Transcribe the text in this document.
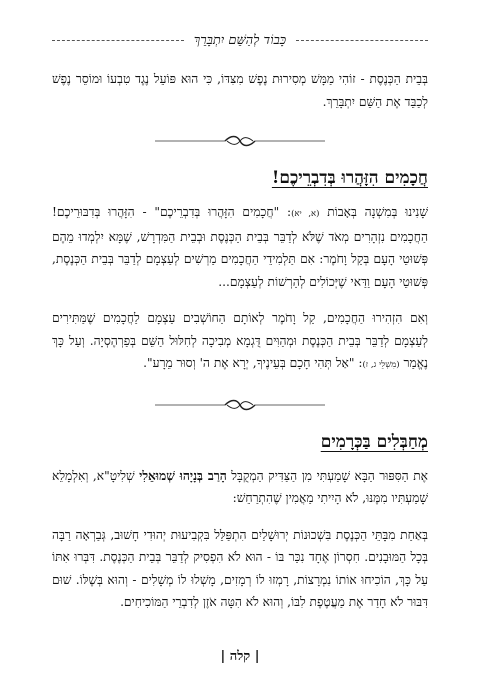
כָּבוֹד לְהַשֵּׁם יִתְבָּרֵךְ

בְּבֵית הַכְּנֶסֶת - זוֹהִי מַמָּשׁ מְסִירוּת נֶפֶשׁ מִצִּדּוֹ, כִּי הוּא פּוֹעֵל נֶגֶד טִבְעוֹ וּמוֹסֵר נֶפֶשׁ לְכַבֵּד אֶת הַשֵּׁם יִתְבָּרֵךְ.

חֲכָמִים הִזָּהֲרוּ בְּדִבְרֵיכֶם!

שָׁנִינוּ בְּמִשְׁנָה בְּאָבוֹת (א, יא): "חֲכָמִים הִזָּהֲרוּ בְּדִבְרֵיכֶם" - הִזָּהֲרוּ בְּדִבּוּרֵיכֶם! הַחֲכָמִים נִזְהָרִים מְאֹד שֶׁלֹּא לְדַבֵּר בְּבֵית הַכְּנֶסֶת וּבְבֵית הַמִּדְרָשׁ, שֶׁמָּא יִלְמְדוּ מֵהֶם פְּשׁוּטֵי הָעָם בְּקַל וָחֹמֶר: אִם תַּלְמִידֵי הַחֲכָמִים מַרְשִׁים לְעַצְמָם לְדַבֵּר בְּבֵית הַכְּנֶסֶת, פְּשׁוּטֵי הָעָם וַדַּאי שֶׁיְּכוֹלִים לְהַרְשׁוֹת לְעַצְמָם...

וְאִם הִזְהִירוּ הַחֲכָמִים, קַל וָחֹמֶר לְאוֹתָם הַחוֹשְׁבִים עַצְמָם לַחֲכָמִים שֶׁמַּתִּירִים לְעַצְמָם לְדַבֵּר בְּבֵית הַכְּנֶסֶת וּמְהַוִּים דֻּגְמָא מְבִיכָה לְחִלּוּל הַשֵּׁם בְּפַרְהֶסְיָה. וְעַל כָּךְ נֶאֱמַר (מִשְׁלֵי ג, ז): "אַל תְּהִי חָכָם בְּעֵינֶיךָ, יְרָא אֶת ה' וְסוּר מֵרָע".

מְחַבְּלִים בַּכְּרָמִים

אֶת הַסִּפּוּר הַבָּא שָׁמַעְתִּי מִן הַצַּדִּיק הַמְקֻבָּל הָרַב בְּנָיָהוּ שְׁמוּאֵלִי שְׁלִיטָ"א, וְאִלְמָלֵא שָׁמַעְתִּיו מִמֶּנּוּ, לֹא הָיִיתִי מַאֲמִין שֶׁהִתְרַחֵשׁ:

בְּאַחַת מִבָּתֵּי הַכְּנֶסֶת בִּשְׁכוּנוֹת יְרוּשָׁלַיִם הִתְפַּלֵּל בִּקְבִיעוּת יְהוּדִי חָשׁוּב, גְּבַרְאָה רַבָּה בְּכָל הַמּוּבָנִים. חִסְרוֹן אֶחָד נִכַּר בּוֹ - הוּא לֹא הִפְסִיק לְדַבֵּר בְּבֵית הַכְּנֶסֶת. דִּבְּרוּ אִתּוֹ עַל כָּךְ, הוֹכִיחוּ אוֹתוֹ נִמְרָצוֹת, רָמְזוּ לוֹ רְמָזִים, מָשְׁלוּ לוֹ מְשָׁלִים - וְהוּא בְּשֶׁלּוֹ. שׁוּם דִּבּוּר לֹא חָדַר אֶת מַעֲטֶפֶת לִבּוֹ, וְהוּא לֹא הִטָּה אֹזֶן לְדִבְרֵי הַמּוֹכִיחִים.

| קלה |
